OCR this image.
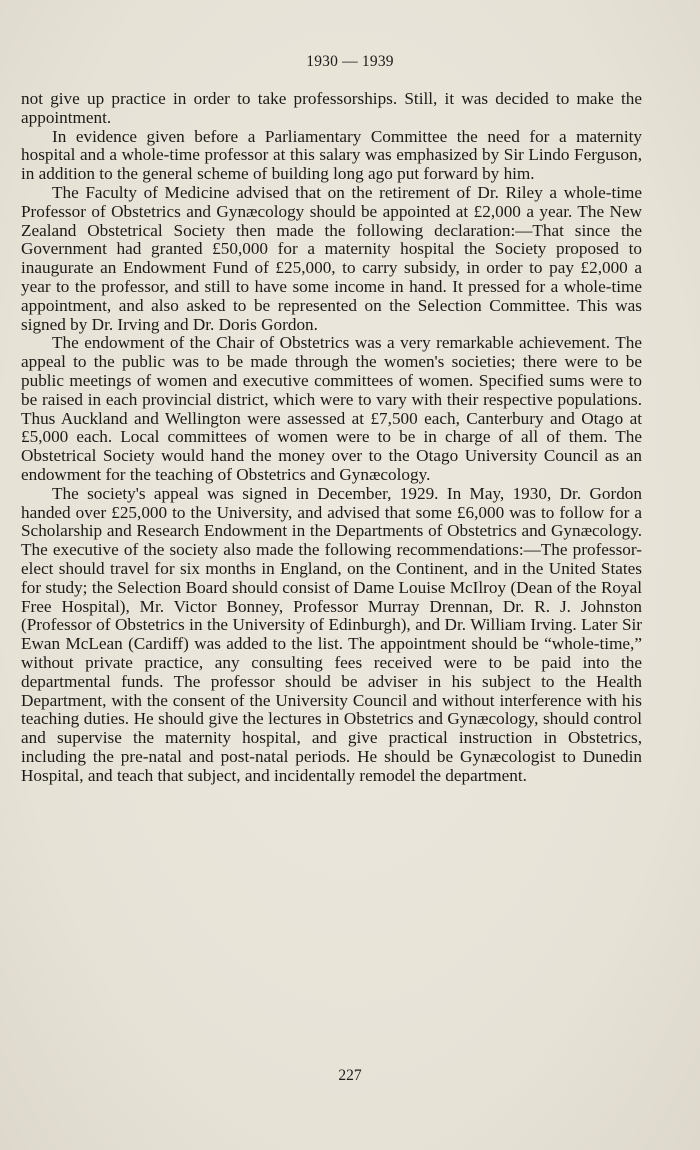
1930 — 1939

not give up practice in order to take professorships. Still, it was decided to make the appointment.

In evidence given before a Parliamentary Committee the need for a maternity hospital and a whole-time professor at this salary was emphasized by Sir Lindo Ferguson, in addition to the general scheme of building long ago put forward by him.

The Faculty of Medicine advised that on the retirement of Dr. Riley a whole-time Professor of Obstetrics and Gynæcology should be appointed at £2,000 a year. The New Zealand Obstetrical Society then made the following declaration:—That since the Government had granted £50,000 for a maternity hospital the Society proposed to inaugurate an Endowment Fund of £25,000, to carry subsidy, in order to pay £2,000 a year to the professor, and still to have some income in hand. It pressed for a whole-time appointment, and also asked to be represented on the Selection Committee. This was signed by Dr. Irving and Dr. Doris Gordon.

The endowment of the Chair of Obstetrics was a very remarkable achievement. The appeal to the public was to be made through the women's societies; there were to be public meetings of women and executive committees of women. Specified sums were to be raised in each provincial district, which were to vary with their respective populations. Thus Auckland and Wellington were assessed at £7,500 each, Canterbury and Otago at £5,000 each. Local committees of women were to be in charge of all of them. The Obstetrical Society would hand the money over to the Otago University Council as an endowment for the teaching of Obstetrics and Gynæcology.

The society's appeal was signed in December, 1929. In May, 1930, Dr. Gordon handed over £25,000 to the University, and advised that some £6,000 was to follow for a Scholarship and Research Endowment in the Departments of Obstetrics and Gynæcology. The executive of the society also made the following recommendations:—The professor-elect should travel for six months in England, on the Continent, and in the United States for study; the Selection Board should consist of Dame Louise McIlroy (Dean of the Royal Free Hospital), Mr. Victor Bonney, Professor Murray Drennan, Dr. R. J. Johnston (Professor of Obstetrics in the University of Edinburgh), and Dr. William Irving. Later Sir Ewan McLean (Cardiff) was added to the list. The appointment should be “whole-time,” without private practice, any consulting fees received were to be paid into the departmental funds. The professor should be adviser in his subject to the Health Department, with the consent of the University Council and without interference with his teaching duties. He should give the lectures in Obstetrics and Gynæcology, should control and supervise the maternity hospital, and give practical instruction in Obstetrics, including the pre-natal and post-natal periods. He should be Gynæcologist to Dunedin Hospital, and teach that subject, and incidentally remodel the department.

227
